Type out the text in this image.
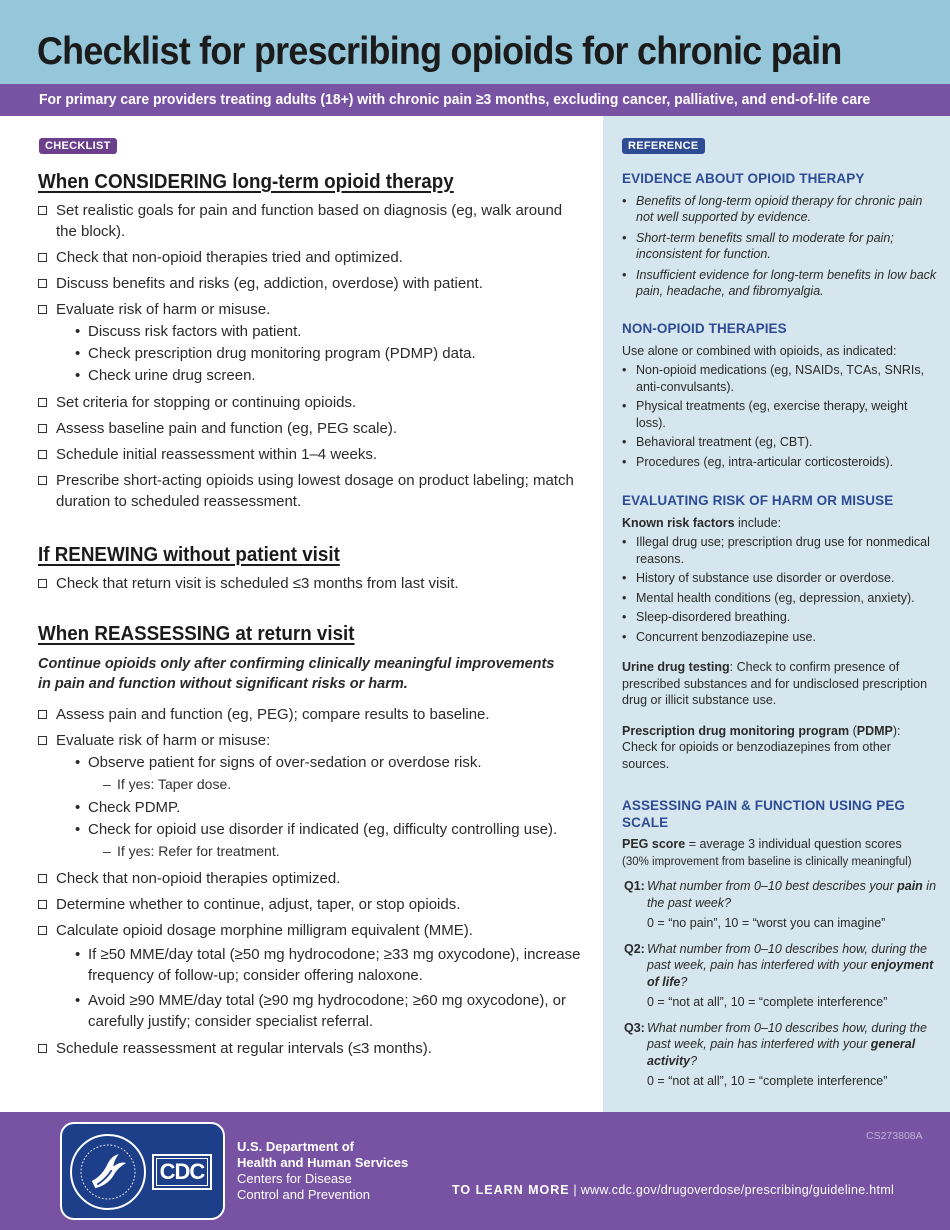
Checklist for prescribing opioids for chronic pain
For primary care providers treating adults (18+) with chronic pain ≥3 months, excluding cancer, palliative, and end-of-life care
CHECKLIST	REFERENCE
When CONSIDERING long-term opioid therapy
Set realistic goals for pain and function based on diagnosis (eg, walk around the block).
Check that non-opioid therapies tried and optimized.
Discuss benefits and risks (eg, addiction, overdose) with patient.
Evaluate risk of harm or misuse.
• Discuss risk factors with patient.
• Check prescription drug monitoring program (PDMP) data.
• Check urine drug screen.
Set criteria for stopping or continuing opioids.
Assess baseline pain and function (eg, PEG scale).
Schedule initial reassessment within 1–4 weeks.
Prescribe short-acting opioids using lowest dosage on product labeling; match duration to scheduled reassessment.
If RENEWING without patient visit
Check that return visit is scheduled ≤3 months from last visit.
When REASSESSING at return visit
Continue opioids only after confirming clinically meaningful improvements in pain and function without significant risks or harm.
Assess pain and function (eg, PEG); compare results to baseline.
Evaluate risk of harm or misuse:
• Observe patient for signs of over-sedation or overdose risk.
– If yes: Taper dose.
• Check PDMP.
• Check for opioid use disorder if indicated (eg, difficulty controlling use).
– If yes: Refer for treatment.
Check that non-opioid therapies optimized.
Determine whether to continue, adjust, taper, or stop opioids.
Calculate opioid dosage morphine milligram equivalent (MME).
• If ≥50 MME/day total (≥50 mg hydrocodone; ≥33 mg oxycodone), increase frequency of follow-up; consider offering naloxone.
• Avoid ≥90 MME/day total (≥90 mg hydrocodone; ≥60 mg oxycodone), or carefully justify; consider specialist referral.
Schedule reassessment at regular intervals (≤3 months).
EVIDENCE ABOUT OPIOID THERAPY
• Benefits of long-term opioid therapy for chronic pain not well supported by evidence.
• Short-term benefits small to moderate for pain; inconsistent for function.
• Insufficient evidence for long-term benefits in low back pain, headache, and fibromyalgia.
NON-OPIOID THERAPIES

Use alone or combined with opioids, as indicated:

• Non-opioid medications (eg, NSAIDs, TCAs, SNRIs, anti-convulsants).
• Physical treatments (eg, exercise therapy, weight loss).
• Behavioral treatment (eg, CBT).
• Procedures (eg, intra-articular corticosteroids).
EVALUATING RISK OF HARM OR MISUSE

Known risk factors include:

• Illegal drug use; prescription drug use for nonmedical reasons.
• History of substance use disorder or overdose.
• Mental health conditions (eg, depression, anxiety).
• Sleep-disordered breathing.
• Concurrent benzodiazepine use.

Urine drug testing: Check to confirm presence of prescribed substances and for undisclosed prescription drug or illicit substance use.

Prescription drug monitoring program (PDMP): Check for opioids or benzodiazepines from other sources.

ASSESSING PAIN & FUNCTION USING PEG SCALE

PEG score = average 3 individual question scores

(30% improvement from baseline is clinically meaningful)

Q1: What number from 0–10 best describes your pain in the past week?
0 = “no pain”, 10 = “worst you can imagine”
Q2: What number from 0–10 describes how, during the past week, pain has interfered with your enjoyment of life?
0 = “not at all”, 10 = “complete interference”
Q3: What number from 0–10 describes how, during the past week, pain has interfered with your general activity?
0 = “not at all”, 10 = “complete interference”
CDC
U.S. Department of
Health and Human Services
Centers for Disease
Control and Prevention
CS273808A
TO LEARN MORE | www.cdc.gov/drugoverdose/prescribing/guideline.html
